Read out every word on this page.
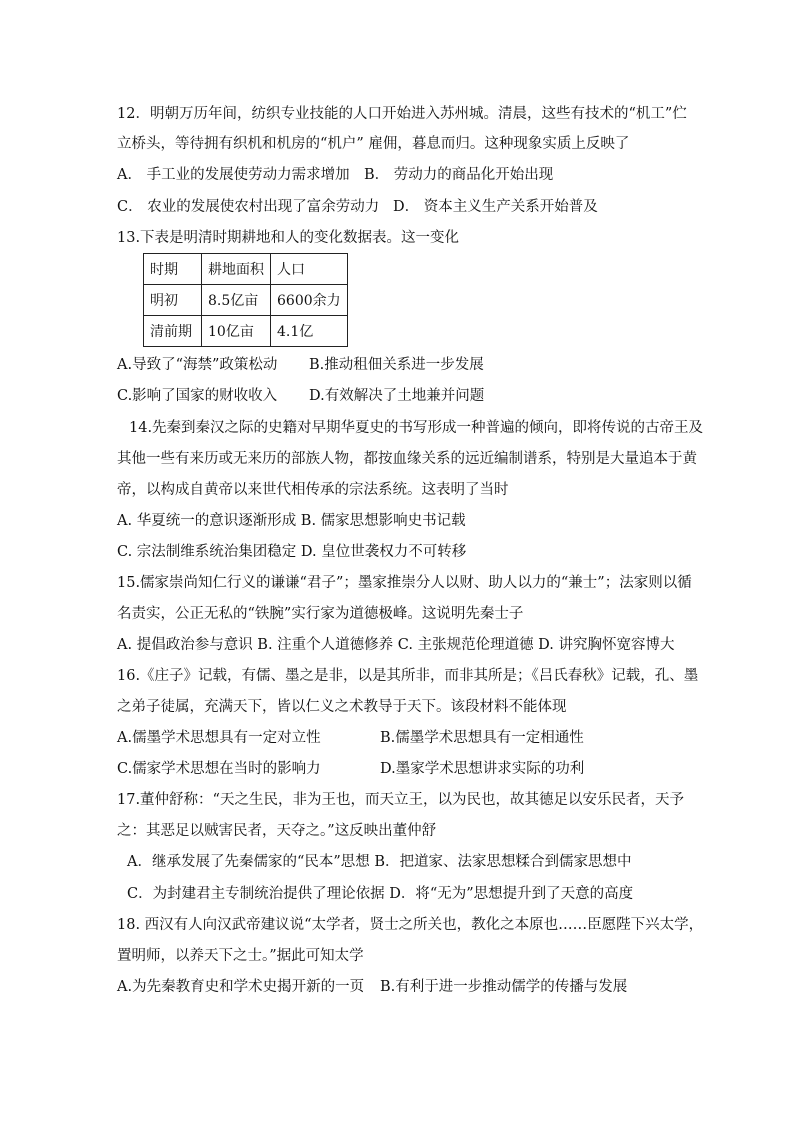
12．明朝万历年间，纺织专业技能的人口开始进入苏州城。清晨，这些有技术的“机工”伫
立桥头，等待拥有织机和机房的“机户” 雇佣，暮息而归。这种现象实质上反映了
A． 手工业的发展使劳动力需求增加 B． 劳动力的商品化开始出现
C． 农业的发展使农村出现了富余劳动力 D． 资本主义生产关系开始普及
13.下表是明清时期耕地和人的变化数据表。这一变化
时期	耕地面积	人口
明初	8.5亿亩	6600余力
清前期	10亿亩	4.1亿
A.导致了“海禁”政策松动 B.推动租佃关系进一步发展
C.影响了国家的财收收入 D.有效解决了土地兼并问题
14.先秦到秦汉之际的史籍对早期华夏史的书写形成一种普遍的倾向，即将传说的古帝王及
其他一些有来历或无来历的部族人物，都按血缘关系的远近编制谱系，特别是大量追本于黄
帝，以构成自黄帝以来世代相传承的宗法系统。这表明了当时
A. 华夏统一的意识逐渐形成 B. 儒家思想影响史书记载
C. 宗法制维系统治集团稳定 D. 皇位世袭权力不可转移
15.儒家崇尚知仁行义的谦谦“君子”；墨家推崇分人以财、助人以力的“兼士”；法家则以循
名责实，公正无私的“铁腕”实行家为道德极峰。这说明先秦士子
A. 提倡政治参与意识 B. 注重个人道德修养 C. 主张规范伦理道德 D. 讲究胸怀宽容博大
16.《庄子》记载，有儒、墨之是非，以是其所非，而非其所是；《吕氏春秋》记载，孔、墨
之弟子徒属，充满天下，皆以仁义之术教导于天下。该段材料不能体现
A.儒墨学术思想具有一定对立性	B.儒墨学术思想具有一定相通性
C.儒家学术思想在当时的影响力	D.墨家学术思想讲求实际的功利
17.董仲舒称：“天之生民，非为王也，而天立王，以为民也，故其德足以安乐民者，天予
之：其恶足以贼害民者，天夺之。”这反映出董仲舒
A．继承发展了先秦儒家的“民本”思想 B．把道家、法家思想糅合到儒家思想中
C．为封建君主专制统治提供了理论依据 D．将“无为”思想提升到了天意的高度
18. 西汉有人向汉武帝建议说“太学者，贤士之所关也，教化之本原也……臣愿陛下兴太学，
置明师，以养天下之士。”据此可知太学
A.为先秦教育史和学术史揭开新的一页 B.有利于进一步推动儒学的传播与发展
